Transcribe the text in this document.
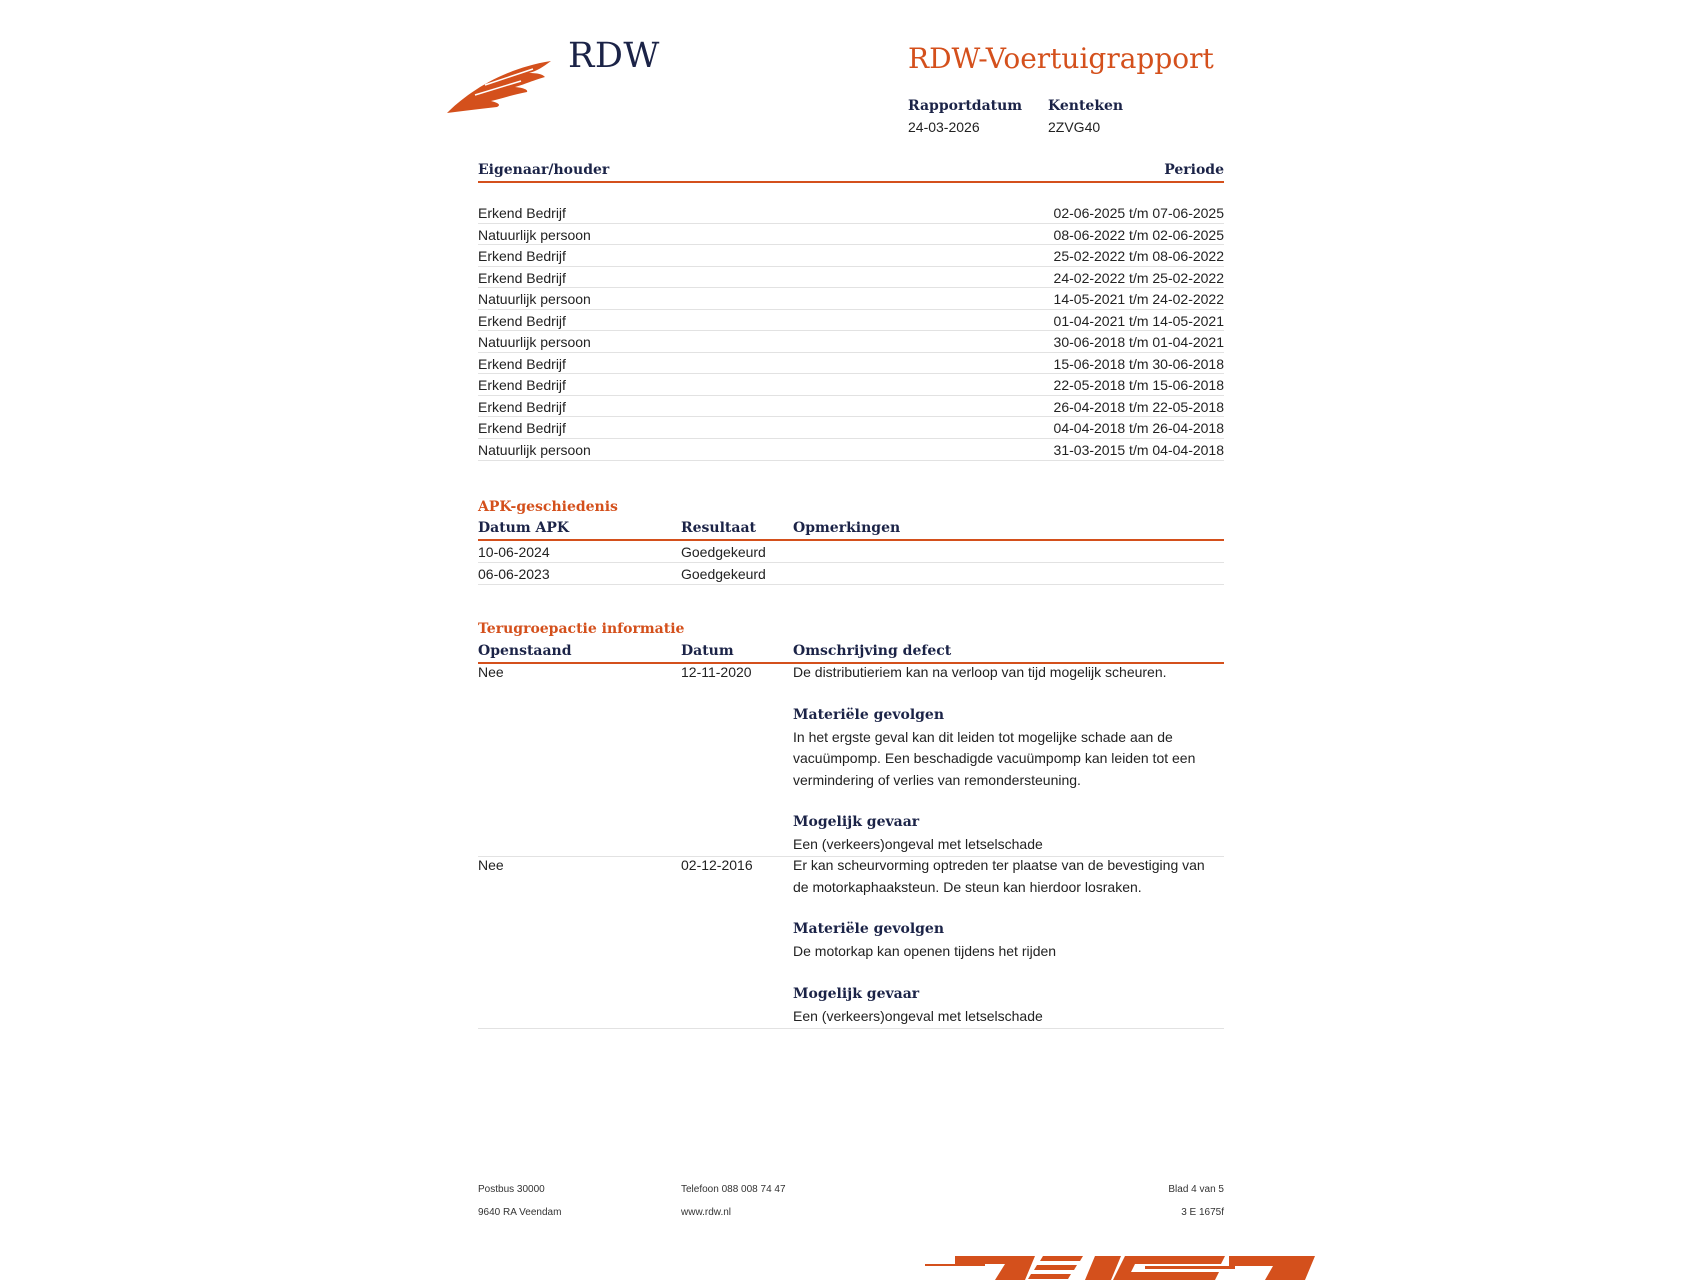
RDW	RDW-Voertuigrapport
Rapportdatum
24-03-2026
Kenteken
2ZVG40
Eigenaar/houder	Periode
Erkend Bedrijf	02-06-2025 t/m 07-06-2025
Natuurlijk persoon	08-06-2022 t/m 02-06-2025
Erkend Bedrijf	25-02-2022 t/m 08-06-2022
Erkend Bedrijf	24-02-2022 t/m 25-02-2022
Natuurlijk persoon	14-05-2021 t/m 24-02-2022
Erkend Bedrijf	01-04-2021 t/m 14-05-2021
Natuurlijk persoon	30-06-2018 t/m 01-04-2021
Erkend Bedrijf	15-06-2018 t/m 30-06-2018
Erkend Bedrijf	22-05-2018 t/m 15-06-2018
Erkend Bedrijf	26-04-2018 t/m 22-05-2018
Erkend Bedrijf	04-04-2018 t/m 26-04-2018
Natuurlijk persoon	31-03-2015 t/m 04-04-2018
APK-geschiedenis
Datum APK	Resultaat	Opmerkingen
10-06-2024	Goedgekeurd
06-06-2023	Goedgekeurd
Terugroepactie informatie
Openstaand	Datum	Omschrijving defect
Nee	12-11-2020	De distributieriem kan na verloop van tijd mogelijk scheuren.
Materiële gevolgen
In het ergste geval kan dit leiden tot mogelijke schade aan de
vacuümpomp. Een beschadigde vacuümpomp kan leiden tot een
vermindering of verlies van remondersteuning.
Mogelijk gevaar
Een (verkeers)ongeval met letselschade
Nee	02-12-2016	Er kan scheurvorming optreden ter plaatse van de bevestiging van
de motorkaphaaksteun. De steun kan hierdoor losraken.
Materiële gevolgen
De motorkap kan openen tijdens het rijden
Mogelijk gevaar
Een (verkeers)ongeval met letselschade
Postbus 30000
9640 RA Veendam
Telefoon 088 008 74 47
www.rdw.nl
Blad 4 van 5
3 E 1675f
